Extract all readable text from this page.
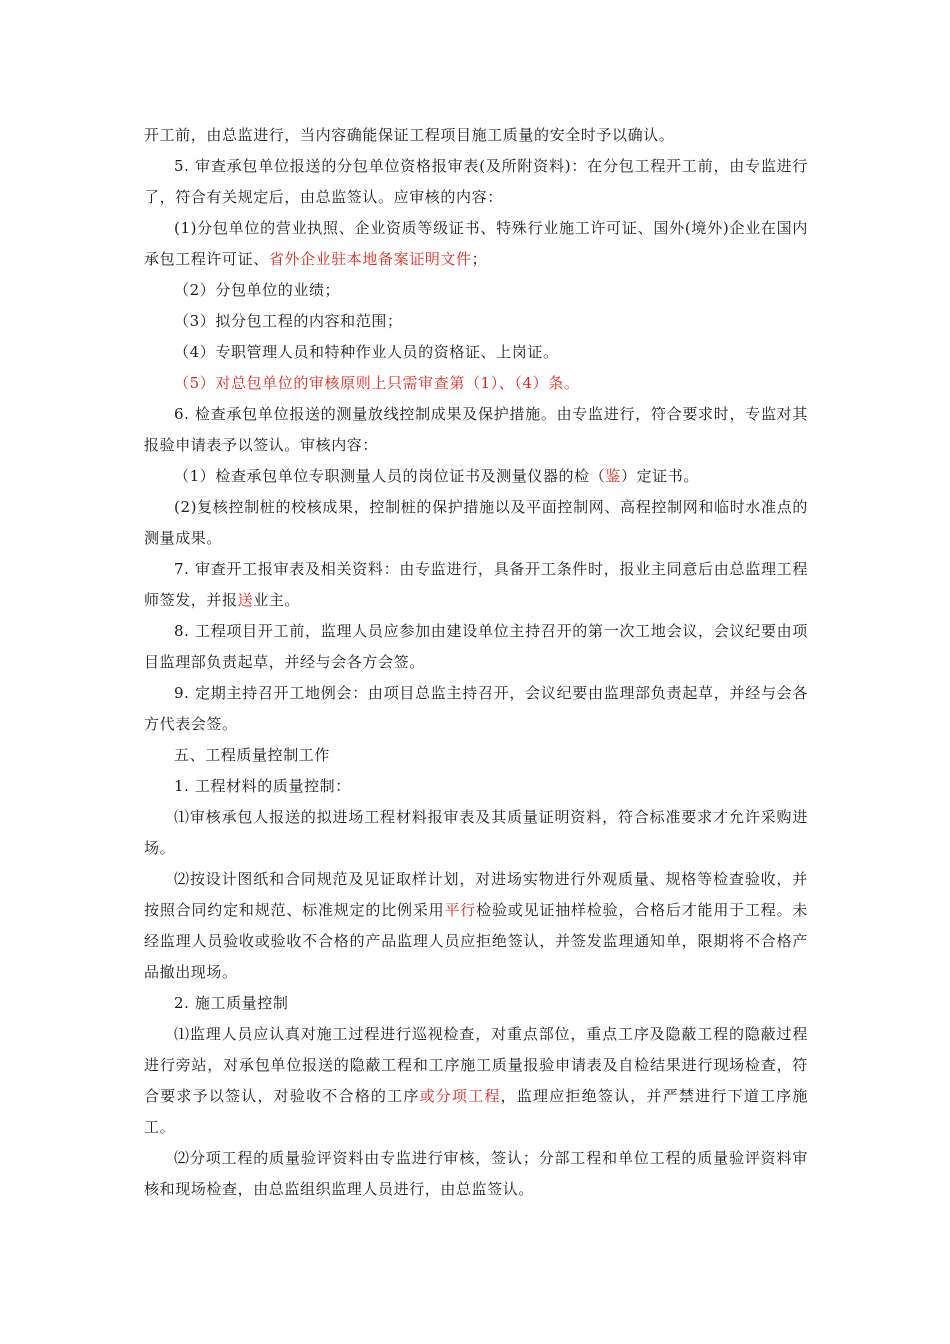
开工前，由总监进行，当内容确能保证工程项目施工质量的安全时予以确认。

5. 审查承包单位报送的分包单位资格报审表(及所附资料)：在分包工程开工前，由专监进行了，符合有关规定后，由总监签认。应审核的内容：

(1)分包单位的营业执照、企业资质等级证书、特殊行业施工许可证、国外(境外)企业在国内承包工程许可证、省外企业驻本地备案证明文件；

（2）分包单位的业绩；

（3）拟分包工程的内容和范围；

（4）专职管理人员和特种作业人员的资格证、上岗证。

（5）对总包单位的审核原则上只需审查第（1）、（4）条。

6. 检查承包单位报送的测量放线控制成果及保护措施。由专监进行，符合要求时，专监对其报验申请表予以签认。审核内容：

（1）检查承包单位专职测量人员的岗位证书及测量仪器的检（鉴）定证书。

(2)复核控制桩的校核成果，控制桩的保护措施以及平面控制网、高程控制网和临时水准点的测量成果。

7. 审查开工报审表及相关资料：由专监进行，具备开工条件时，报业主同意后由总监理工程师签发，并报送业主。

8. 工程项目开工前，监理人员应参加由建设单位主持召开的第一次工地会议，会议纪要由项目监理部负责起草，并经与会各方会签。

9. 定期主持召开工地例会：由项目总监主持召开，会议纪要由监理部负责起草，并经与会各方代表会签。

五、工程质量控制工作

1. 工程材料的质量控制：

⑴审核承包人报送的拟进场工程材料报审表及其质量证明资料，符合标准要求才允许采购进场。

⑵按设计图纸和合同规范及见证取样计划，对进场实物进行外观质量、规格等检查验收，并按照合同约定和规范、标准规定的比例采用平行检验或见证抽样检验，合格后才能用于工程。未经监理人员验收或验收不合格的产品监理人员应拒绝签认，并签发监理通知单，限期将不合格产品撤出现场。

2. 施工质量控制

⑴监理人员应认真对施工过程进行巡视检查，对重点部位，重点工序及隐蔽工程的隐蔽过程进行旁站，对承包单位报送的隐蔽工程和工序施工质量报验申请表及自检结果进行现场检查，符合要求予以签认，对验收不合格的工序或分项工程，监理应拒绝签认，并严禁进行下道工序施工。

⑵分项工程的质量验评资料由专监进行审核，签认；分部工程和单位工程的质量验评资料审核和现场检查，由总监组织监理人员进行，由总监签认。
